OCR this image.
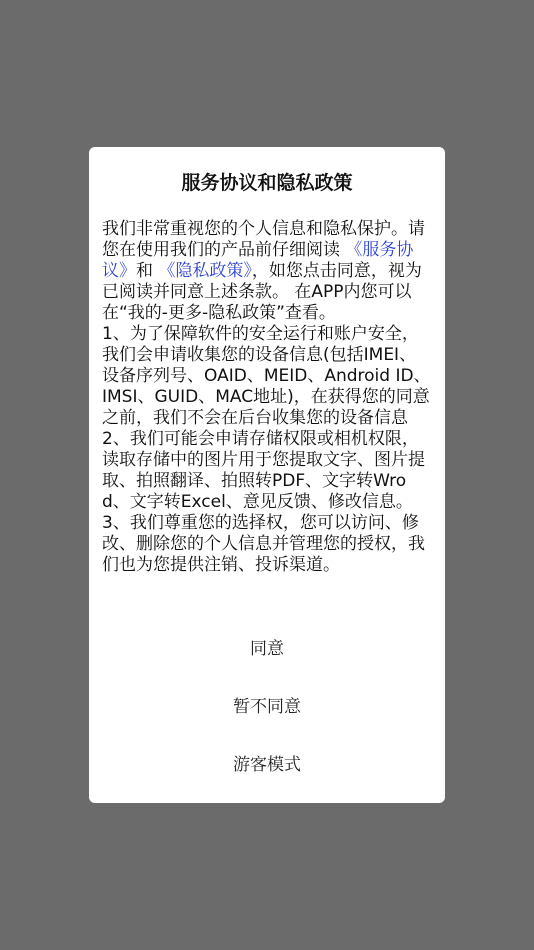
服务协议和隐私政策

我们非常重视您的个人信息和隐私保护。请您在使用我们的产品前仔细阅读 《服务协议》和 《隐私政策》，如您点击同意，视为已阅读并同意上述条款。 在APP内您可以在“我的-更多-隐私政策”查看。

1、为了保障软件的安全运行和账户安全，我们会申请收集您的设备信息(包括IMEI、设备序列号、OAID、MEID、Android ID、IMSI、GUID、MAC地址)，在获得您的同意之前，我们不会在后台收集您的设备信息

2、我们可能会申请存储权限或相机权限，读取存储中的图片用于您提取文字、图片提取、拍照翻译、拍照转PDF、文字转Wrod、文字转Excel、意见反馈、修改信息。

3、我们尊重您的选择权，您可以访问、修改、删除您的个人信息并管理您的授权，我们也为您提供注销、投诉渠道。

同意
暂不同意
游客模式
